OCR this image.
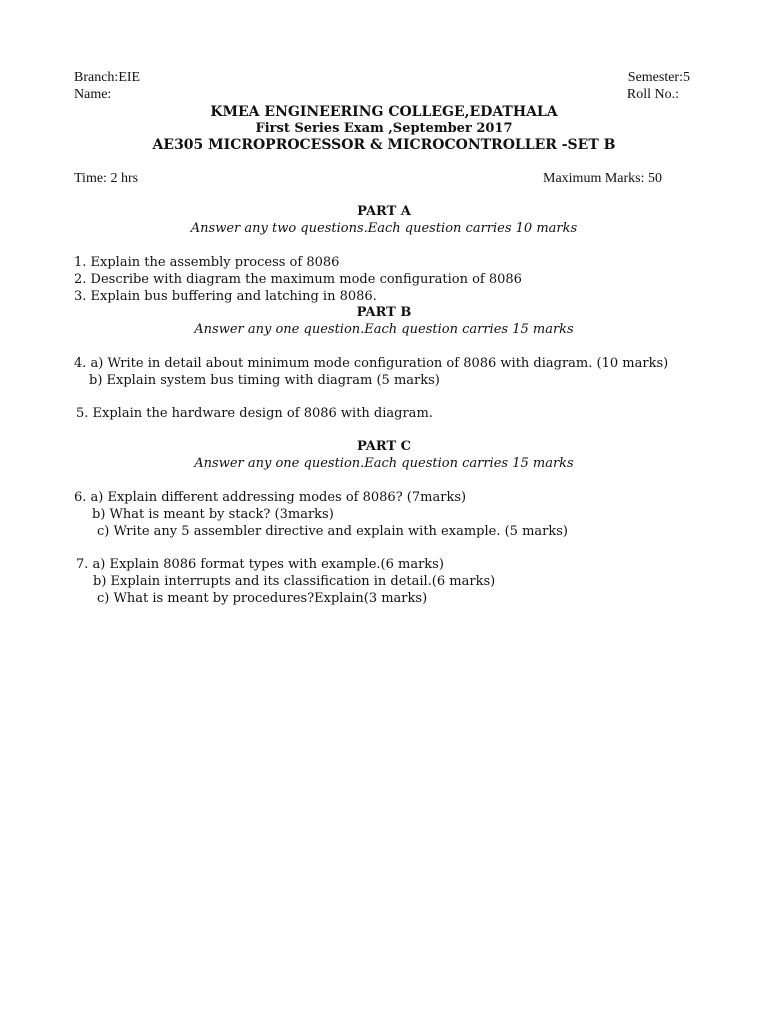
Branch:EIE	Semester:5
Name:	Roll No.:
KMEA ENGINEERING COLLEGE,EDATHALA
First Series Exam ,September 2017
AE305 MICROPROCESSOR & MICROCONTROLLER -SET B
Time: 2 hrs	Maximum Marks: 50
PART A
Answer any two questions.Each question carries 10 marks
1. Explain the assembly process of 8086
2. Describe with diagram the maximum mode configuration of 8086
3. Explain bus buffering and latching in 8086.
PART B
Answer any one question.Each question carries 15 marks
4. a) Write in detail about minimum mode configuration of 8086 with diagram. (10 marks)
b) Explain system bus timing with diagram (5 marks)
5. Explain the hardware design of 8086 with diagram.
PART C
Answer any one question.Each question carries 15 marks
6. a) Explain different addressing modes of 8086? (7marks)
b) What is meant by stack? (3marks)
c) Write any 5 assembler directive and explain with example. (5 marks)
7. a) Explain 8086 format types with example.(6 marks)
b) Explain interrupts and its classification in detail.(6 marks)
c) What is meant by procedures?Explain(3 marks)
